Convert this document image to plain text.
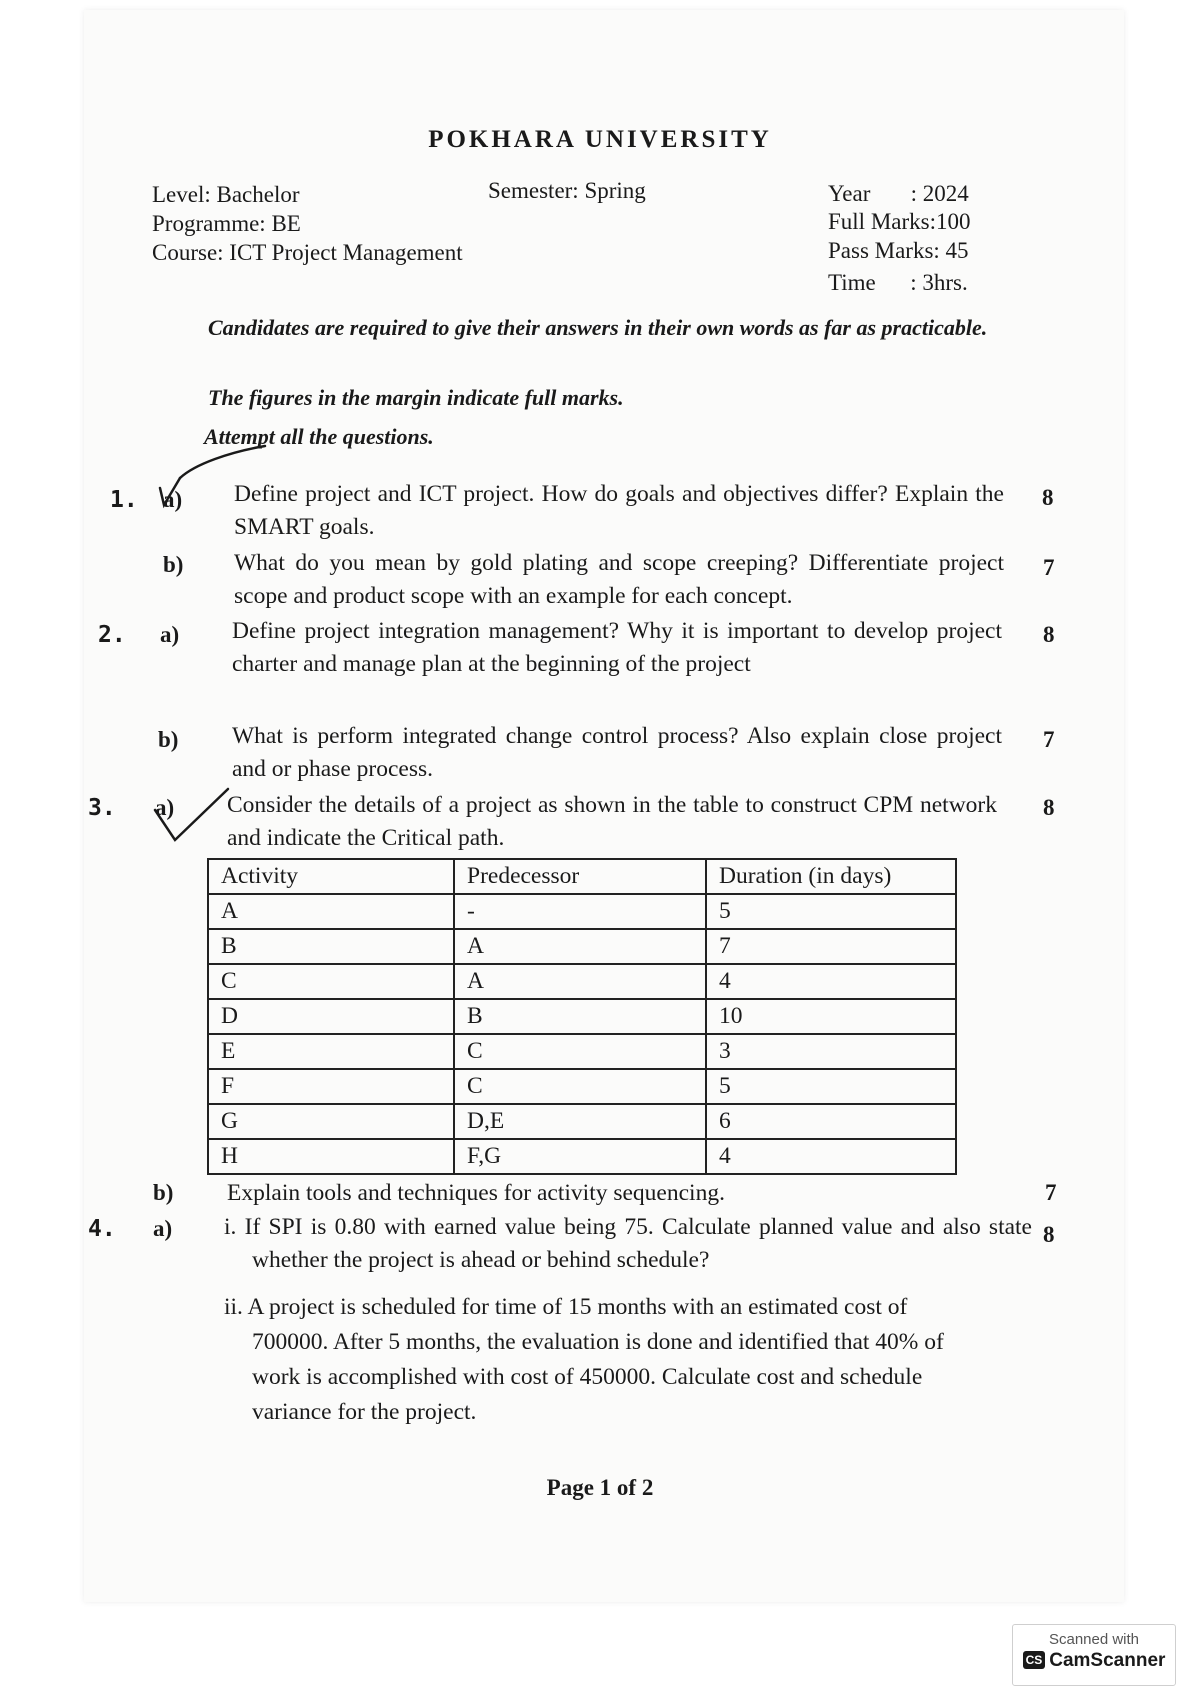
POKHARA UNIVERSITY
Level: Bachelor
Programme: BE
Course: ICT Project Management
Semester: Spring	Year       : 2024
Full Marks:100
Pass Marks: 45
Time      : 3hrs.
Candidates are required to give their answers in their own words as far as practicable.
The figures in the margin indicate full marks.
Attempt all the questions.
1. a) Define project and ICT project. How do goals and objectives differ? Explain the SMART goals.
8
b) What do you mean by gold plating and scope creeping? Differentiate project scope and product scope with an example for each concept.
7
2. a) Define project integration management? Why it is important to develop project charter and manage plan at the beginning of the project
8
b) What is perform integrated change control process? Also explain close project and or phase process.
7
3. a) Consider the details of a project as shown in the table to construct CPM network and indicate the Critical path.
8
Activity	Predecessor	Duration (in days)
A	-	5
B	A	7
C	A	4
D	B	10
E	C	3
F	C	5
G	D,E	6
H	F,G	4
b) Explain tools and techniques for activity sequencing.	7
4. a) i. If SPI is 0.80 with earned value being 75. Calculate planned value and also state whether the project is ahead or behind schedule?
ii. A project is scheduled for time of 15 months with an estimated cost of 700000. After 5 months, the evaluation is done and identified that 40% of work is accomplished with cost of 450000. Calculate cost and schedule variance for the project.
8
Page 1 of 2
Scanned with
CS CamScanner
